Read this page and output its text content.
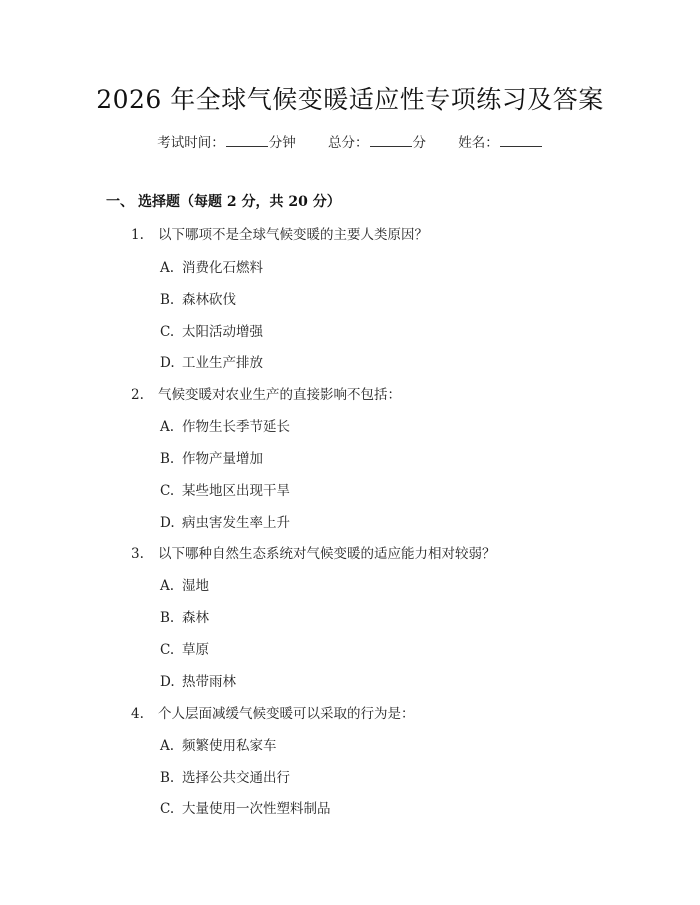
2026 年全球气候变暖适应性专项练习及答案
考试时间：	分钟 总分：	分 姓名：
一、 选择题（每题 2 分，共 20 分）
1. 以下哪项不是全球气候变暖的主要人类原因？
A. 消费化石燃料
B. 森林砍伐
C. 太阳活动增强
D. 工业生产排放
2. 气候变暖对农业生产的直接影响不包括：
A. 作物生长季节延长
B. 作物产量增加
C. 某些地区出现干旱
D. 病虫害发生率上升
3. 以下哪种自然生态系统对气候变暖的适应能力相对较弱？
A. 湿地
B. 森林
C. 草原
D. 热带雨林
4. 个人层面减缓气候变暖可以采取的行为是：
A. 频繁使用私家车
B. 选择公共交通出行
C. 大量使用一次性塑料制品
